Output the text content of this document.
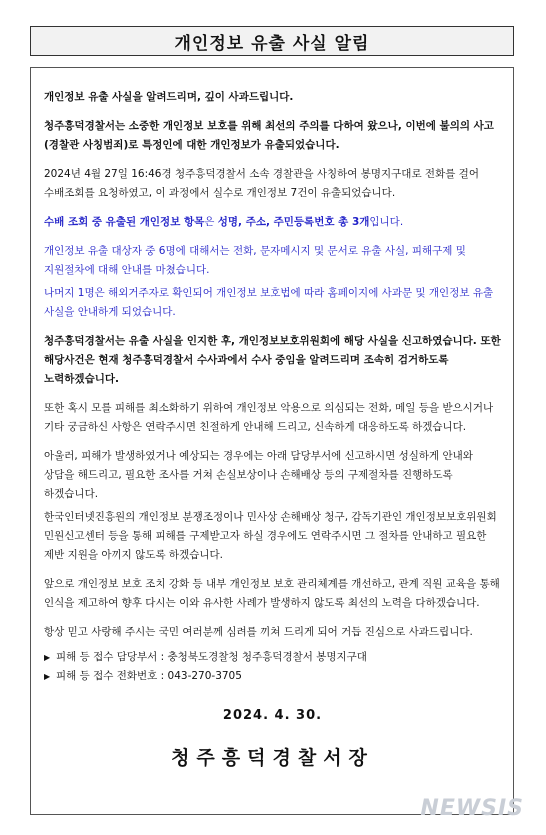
개인정보 유출 사실 알림

개인정보 유출 사실을 알려드리며, 깊이 사과드립니다.

청주흥덕경찰서는 소중한 개인정보 보호를 위해 최선의 주의를 다하여 왔으나, 이번에 불의의 사고(경찰관 사칭범죄)로 특정인에 대한 개인정보가 유출되었습니다.

2024년 4월 27일 16:46경 청주흥덕경찰서 소속 경찰관을 사칭하여 봉명지구대로 전화를 걸어 수배조회를 요청하였고, 이 과정에서 실수로 개인정보 7건이 유출되었습니다.

수배 조회 중 유출된 개인정보 항목은 성명, 주소, 주민등록번호 총 3개입니다.

개인정보 유출 대상자 중 6명에 대해서는 전화, 문자메시지 및 문서로 유출 사실, 피해구제 및 지원절차에 대해 안내를 마쳤습니다.

나머지 1명은 해외거주자로 확인되어 개인정보 보호법에 따라 홈페이지에 사과문 및 개인정보 유출 사실을 안내하게 되었습니다.

청주흥덕경찰서는 유출 사실을 인지한 후, 개인정보보호위원회에 해당 사실을 신고하였습니다. 또한 해당사건은 현재 청주흥덕경찰서 수사과에서 수사 중임을 알려드리며 조속히 검거하도록 노력하겠습니다.

또한 혹시 모를 피해를 최소화하기 위하여 개인정보 악용으로 의심되는 전화, 메일 등을 받으시거나 기타 궁금하신 사항은 연락주시면 친절하게 안내해 드리고, 신속하게 대응하도록 하겠습니다.

아울러, 피해가 발생하였거나 예상되는 경우에는 아래 담당부서에 신고하시면 성실하게 안내와 상담을 해드리고, 필요한 조사를 거쳐 손실보상이나 손해배상 등의 구제절차를 진행하도록 하겠습니다.

한국인터넷진흥원의 개인정보 분쟁조정이나 민사상 손해배상 청구, 감독기관인 개인정보보호위원회 민원신고센터 등을 통해 피해를 구제받고자 하실 경우에도 연락주시면 그 절차를 안내하고 필요한 제반 지원을 아끼지 않도록 하겠습니다.

앞으로 개인정보 보호 조치 강화 등 내부 개인정보 보호 관리체계를 개선하고, 관계 직원 교육을 통해 인식을 제고하여 향후 다시는 이와 유사한 사례가 발생하지 않도록 최선의 노력을 다하겠습니다.

항상 믿고 사랑해 주시는 국민 여러분께 심려를 끼쳐 드리게 되어 거듭 진심으로 사과드립니다.

▶ 피해 등 접수 담당부서 : 충청북도경찰청 청주흥덕경찰서 봉명지구대
▶ 피해 등 접수 전화번호 : 043-270-3705
2024. 4. 30.
청주흥덕경찰서장
NEWSIS
